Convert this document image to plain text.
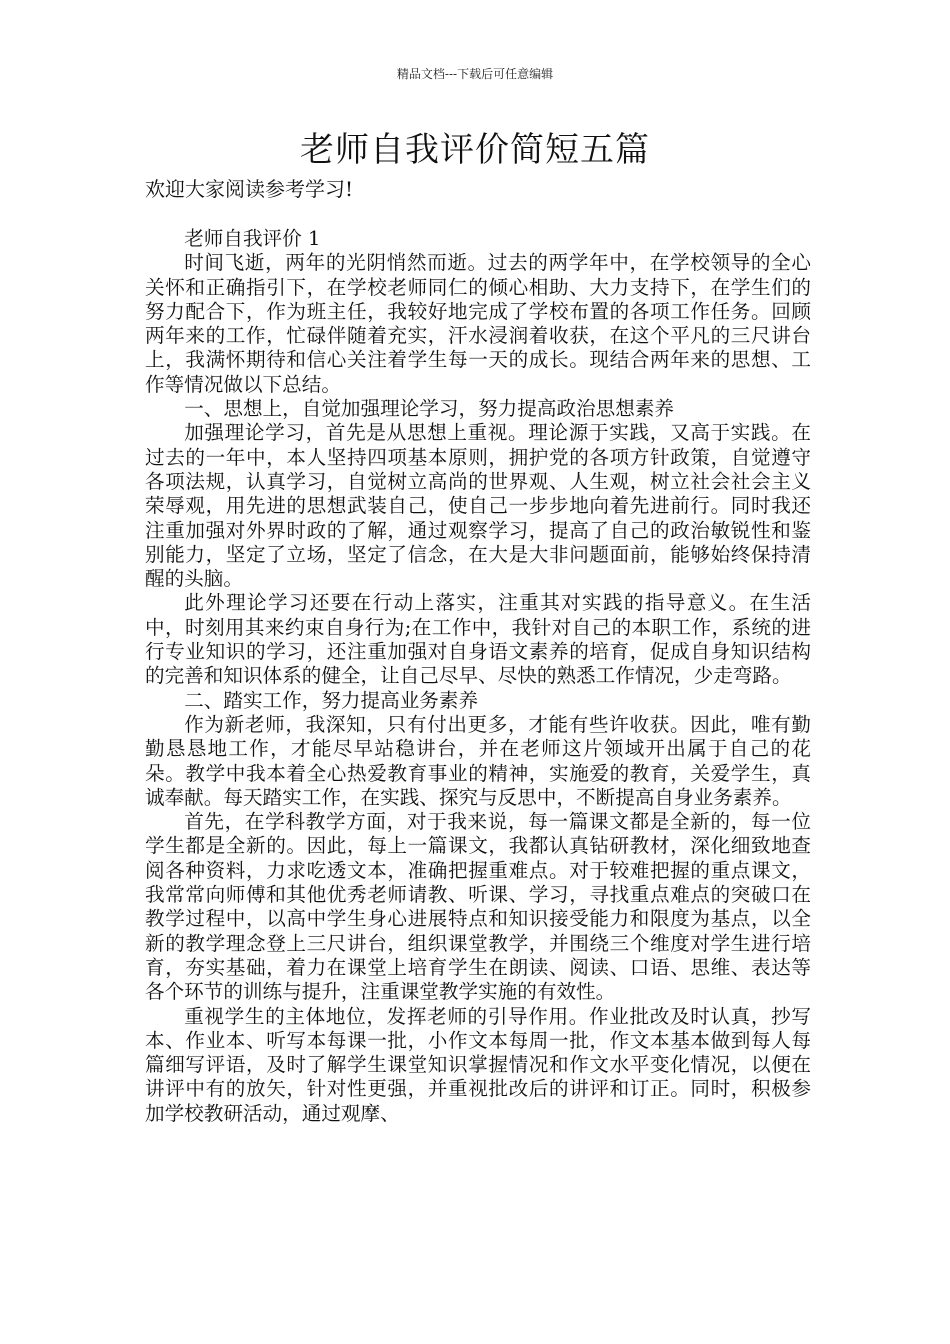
精品文档---下载后可任意编辑
老师自我评价简短五篇

欢迎大家阅读参考学习!

老师自我评价 1

时间飞逝，两年的光阴悄然而逝。过去的两学年中，在学校领导的全心关怀和正确指引下，在学校老师同仁的倾心相助、大力支持下，在学生们的努力配合下，作为班主任，我较好地完成了学校布置的各项工作任务。回顾两年来的工作，忙碌伴随着充实，汗水浸润着收获，在这个平凡的三尺讲台上，我满怀期待和信心关注着学生每一天的成长。现结合两年来的思想、工作等情况做以下总结。

一、思想上，自觉加强理论学习，努力提高政治思想素养

加强理论学习，首先是从思想上重视。理论源于实践，又高于实践。在过去的一年中，本人坚持四项基本原则，拥护党的各项方针政策，自觉遵守各项法规，认真学习，自觉树立高尚的世界观、人生观，树立社会社会主义荣辱观，用先进的思想武装自己，使自己一步步地向着先进前行。同时我还注重加强对外界时政的了解，通过观察学习，提高了自己的政治敏锐性和鉴别能力，坚定了立场，坚定了信念，在大是大非问题面前，能够始终保持清醒的头脑。

此外理论学习还要在行动上落实，注重其对实践的指导意义。在生活中，时刻用其来约束自身行为;在工作中，我针对自己的本职工作，系统的进行专业知识的学习，还注重加强对自身语文素养的培育，促成自身知识结构的完善和知识体系的健全，让自己尽早、尽快的熟悉工作情况，少走弯路。

二、踏实工作，努力提高业务素养

作为新老师，我深知，只有付出更多，才能有些许收获。因此，唯有勤勤恳恳地工作，才能尽早站稳讲台，并在老师这片领域开出属于自己的花朵。教学中我本着全心热爱教育事业的精神，实施爱的教育，关爱学生，真诚奉献。每天踏实工作，在实践、探究与反思中，不断提高自身业务素养。

首先，在学科教学方面，对于我来说，每一篇课文都是全新的，每一位学生都是全新的。因此，每上一篇课文，我都认真钻研教材，深化细致地查阅各种资料，力求吃透文本，准确把握重难点。对于较难把握的重点课文，我常常向师傅和其他优秀老师请教、听课、学习，寻找重点难点的突破口在教学过程中，以高中学生身心进展特点和知识接受能力和限度为基点，以全新的教学理念登上三尺讲台，组织课堂教学，并围绕三个维度对学生进行培育，夯实基础，着力在课堂上培育学生在朗读、阅读、口语、思维、表达等各个环节的训练与提升，注重课堂教学实施的有效性。

重视学生的主体地位，发挥老师的引导作用。作业批改及时认真，抄写本、作业本、听写本每课一批，小作文本每周一批，作文本基本做到每人每篇细写评语，及时了解学生课堂知识掌握情况和作文水平变化情况，以便在讲评中有的放矢，针对性更强，并重视批改后的讲评和订正。同时，积极参加学校教研活动，通过观摩、
